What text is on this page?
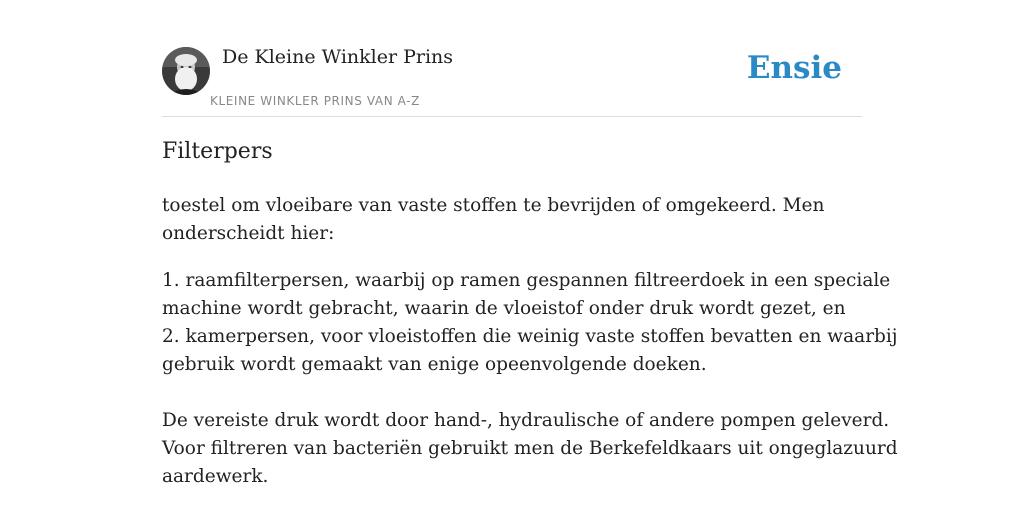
De Kleine Winkler Prins
KLEINE WINKLER PRINS VAN A-Z
Ensie
Filterpers

toestel om vloeibare van vaste stoffen te bevrijden of omgekeerd. Men
onderscheidt hier:

1. raamfilterpersen, waarbij op ramen gespannen filtreerdoek in een speciale
machine wordt gebracht, waarin de vloeistof onder druk wordt gezet, en
2. kamerpersen, voor vloeistoffen die weinig vaste stoffen bevatten en waarbij
gebruik wordt gemaakt van enige opeenvolgende doeken.

De vereiste druk wordt door hand-, hydraulische of andere pompen geleverd.
Voor filtreren van bacteriën gebruikt men de Berkefeldkaars uit ongeglazuurd
aardewerk.
